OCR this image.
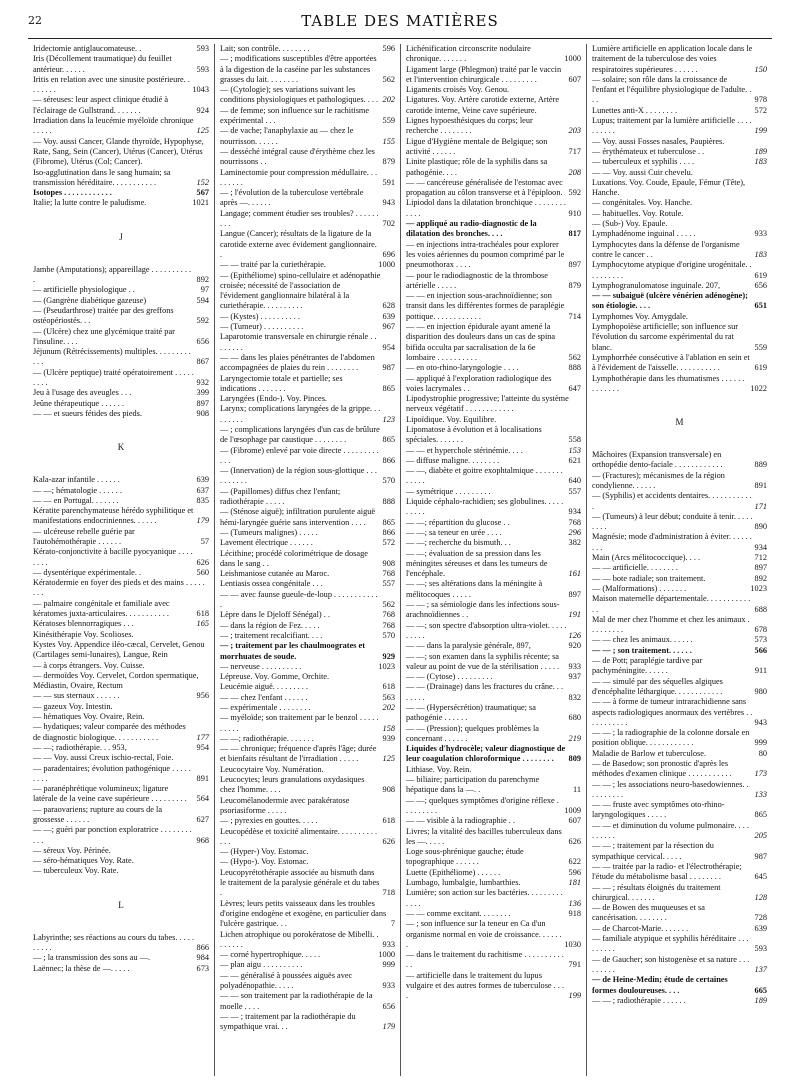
22	TABLE DES MATIÈRES
Iridectomie antiglaucomateuse. .	593
Iris (Décollement traumatique) du feuillet antérieur. . . . . .	593
Iritis en relation avec une sinusite postérieure. . . . . . . .	1043
— séreuses: leur aspect clinique étudié à l'éclairage de Gullstrand. . . . . . .	924
Irradiation dans la leucémie myéloïde chronique . . . . .	125
— Voy. aussi Cancer, Glande thyroïde, Hypophyse, Rate, Sang, Sein (Cancer), Utérus (Cancer), Utérus (Fibrome), Utérus (Col; Cancer).
Iso-agglutination dans le sang humain; sa transmission héréditaire. . . . . . . . . . .	152
Isotopes . . . . . . . . . . . .	567
Italie; la lutte contre le paludisme.	1021
J
Jambe (Amputations); appareillage . . . . . . . . . . .	892
— artificielle physiologique . .	97
— (Gangrène diabétique gazeuse)	594
— (Pseudarthrose) traitée par des greffons ostéopériostés. . .	592
— (Ulcère) chez une glycémique traité par l'insuline. . . .	656
Jéjunum (Rétrécissements) multiples. . . . . . . . . . . .	867
— (Ulcère peptique) traité opératoirement . . . . . . . . .	932
Jeu à l'usage des aveugles . . .	399
Jeûne thérapeutique . . . . . .	897
— — et sueurs fétides des pieds.	908
K
Kala-azar infantile . . . . . .	639
— —; hématologie . . . . . .	637
— — en Portugal. . . . . . .	835
Kératite parenchymateuse hérédo syphilitique et manifestations endocriniennes. . . . . .	179
— ulcéreuse rebelle guérie par l'autohémothérapie . . . . . .	57
Kérato-conjonctivite à bacille pyocyanique . . . . . . . .	626
— dysentérique expérimentale. .	560
Kératodermie en foyer des pieds et des mains . . . . . . . .
— palmaire congénitale et familiale avec kératomes juxta-articulaires. . . . . . . . . . .	618
Kératoses blennorragiques . . .	165
Kinésithérapie Voy. Scolioses.
Kystes Voy. Appendice iléo-cæcal, Cervelet, Genou (Cartilages semi-lunaires), Langue, Rein
— à corps étrangers. Voy. Cuisse.
— dermoïdes Voy. Cervelet, Cordon spermatique, Médiastin, Ovaire, Rectum
— — sus sternaux . . . . . .	956
— gazeux Voy. Intestin.
— hématiques Voy. Ovaire, Rein.
— hydatiques; valeur comparée des méthodes de diagnostic biologique. . . . . . . . . . .	177
— —; radiothérapie. . . 953,	954
— — Voy. aussi Creux ischio-rectal, Foie.
— paradentaires; évolution pathogénique . . . . . . . . .	891
— paranéphrétique volumineux; ligature latérale de la veine cave supérieure . . . . . . . . .	564
— paraovariens; rupture au cours de la grossesse . . . . . .	627
— —; guéri par ponction exploratrice . . . . . . . . . . .	968
— séreux Voy. Périnée.
— séro-hématiques Voy. Rate.
— tuberculeux Voy. Rate.
L
Labyrinthe; ses réactions au cours du tabes. . . . . . . . . .	866
— ; la transmission des sons au —.	984
Laënnec; la thèse de —. . . . .	673
Lait; son contrôle. . . . . . . .	596
— ; modifications susceptibles d'être apportées à la digestion de la caséine par les substances grasses du lait. . . . . . . .	562
— (Cytologie); ses variations suivant les conditions physiologiques et pathologiques. . . . 202
— de femme; son influence sur le rachitisme expérimental . . .	559
— de vache; l'anaphylaxie au — chez le nourrisson. . . . . .	155
— desséché intégral cause d'érythème chez les nourrissons . .	879
Laminectomie pour compression médullaire. . . . . . . . .	591
— ; l'évolution de la tuberculose vertébrale après —. . . . . .	943
Langage; comment étudier ses troubles? . . . . . . . . .	702
Langue (Cancer); résultats de la ligature de la carotide externe avec évidement ganglionnaire. .	696
— — traité par la curiethérapie.	1000
— (Epithéliome) spino-cellulaire et adénopathie croisée; nécessité de l'association de l'évidement ganglionnaire bilatéral à la curiethérapie. . . . . . . . . .	628
— (Kystes) . . . . . . . . . .	639
— (Tumeur) . . . . . . . . . .	967
Laparotomie transversale en chirurgie rénale . . . . . . . .	954
— — dans les plaies pénétrantes de l'abdomen accompagnées de plaies du rein . . . . . . . .	987
Laryngectomie totale et partielle; ses indications . . . . . . .	865
Laryngées (Endo-). Voy. Pinces.
Larynx; complications laryngées de la grippe. . . . . . . . .	123
— ; complications laryngées d'un cas de brûlure de l'œsophage par caustique . . . . . . . .	865
— (Fibrome) enlevé par voie directe . . . . . . . . . . . .	866
— (Innervation) de la région sous-glottique . . . . . . . . . .	570
— (Papillomes) diffus chez l'enfant; radiothérapie . . . . .	888
— (Sténose aiguë); infiltration purulente aiguë hémi-laryngée guérie sans intervention . . . .	865
— (Tumeurs malignes) . . . . .	866
Lavement électrique . . . . . .	572
Lécithine; procédé colorimétrique de dosage dans le sang . .	908
Leishmaniose cutanée au Maroc.	768
Lentiasis ossea congénitale . . .	557
— — avec faunse gueule-de-loup . . . . . . . . . . . .	562
Lèpre dans le Djeloff Sénégal) . .	768
— dans la région de Fez. . . . .	768
— ; traitement recalcifiant. . . .	570
— ; traitement par les chaulmoogrates et morrhuates de soude.	929
— nerveuse . . . . . . . . . .	1023
Lépreuse. Voy. Gomme, Orchite.
Leucémie aiguë. . . . . . . . .	618
— — chez l'enfant . . . . . .	563
— expérimentale . . . . . . . .	202
— myéloïde; son traitement par le benzol . . . . . . . . . .	158
— —; radiothérapie. . . . . . .	939
— — chronique; fréquence d'après l'âge; durée et bienfaits résultant de l'irradiation . . . . .	125
Leucocytaire Voy. Numération.
Leucocytes; leurs granulations oxydasiques chez l'homme. . . .	908
Leucomélanodermie avec parakératose psoriasiforme . . . . .
— ; pyrexies en gouttes. . . . .	618
Leucopédèse et toxicité alimentaire. . . . . . . . . . . . .	626
— (Hyper-) Voy. Estomac.
— (Hypo-). Voy. Estomac.
Leucopyrétothérapie associée au bismuth dans le traitement de la paralysie générale et du tabes .	718
Lèvres; leurs petits vaisseaux dans les troubles d'origine endogène et exogène, en particulier dans l'ulcère gastrique. . .	7
Lichen atrophique ou porokératose de Mibelli. . . . . . . .	933
— corné hypertrophique. . . . .	1000
— plan aigu . . . . . . . . . .	999
— — généralisé à poussées aiguës avec polyadénopathie. . . . .	933
— — son traitement par la radiothérapie de la moelle . . . .	656
— — ; traitement par la radiothérapie du sympathique vrai. . .	179
Lichénification circonscrite nodulaire chronique. . . . . . .	1000
Ligament large (Phlegmon) traité par le vaccin et l'intervention chirurgicale . . . . . . . . .	607
Ligaments croisés Voy. Genou.
Ligatures. Voy. Artère carotide externe, Artère carotide interne, Veine cave supérieure.
Lignes hypoesthésiques du corps; leur recherche . . . . . . . .	203
Ligue d'Hygiène mentale de Belgique; son activité . . . . . .	717
Linite plastique; rôle de la syphilis dans sa pathogénie. . . .	208
— — cancéreuse généralisée de l'estomac avec propagation au côlon transverse et à l'épiploon. 592
Lipiodol dans la dilatation bronchique . . . . . . . . . . . .	910
— appliqué au radio-diagnostic de la dilatation des bronches. . . .	817
— en injections intra-trachéales pour explorer les voies aériennes du poumon comprimé par le pneumothorax . . . .	897
— pour le radiodiagnostic de la thrombose artérielle . . . . .	879
— — en injection sous-arachnoïdienne; son transit dans les différentes formes de paraplégie pottique. . . . . . . . . . . .	714
— — en injection épidurale ayant amené la disparition des douleurs dans un cas de spina bifida occulta par sacralisation de la 6e lombaire . . . . . . . . . .	562
— en oto-rhino-laryngologie . . . .	888
— appliqué à l'exploration radiologique des voies lacrymales . .	647
Lipodystrophie progressive; l'atteinte du système nerveux végétatif . . . . . . . . . . . .
Lipoïdique. Voy. Equilibre.
Lipomatose à évolution et à localisations spéciales. . . . . . .	558
— — et hyperchole stérinémie. . . .	153
— diffuse maligne. . . . . . . .	621
— —, diabète et goitre exophtalmique . . . . . . . . . . . .	640
— symétrique . . . . . . . . .	557
Liquide céphalo-rachidien; ses globulines. . . . . . . . . .	934
— —; répartition du glucose . .	768
— —; sa teneur en urée . . . .	296
— —; recherche du bismuth. . .	382
— —; évaluation de sa pression dans les méningites séreuses et dans les tumeurs de l'encéphale.	161
— —; ses altérations dans la méningite à mélitocoques . . . . .	897
— — ; sa sémiologie dans les infections sous-arachnoïdiennes . .	191
— —; son spectre d'absorption ultra-violet. . . . . . . . . .	126
— — dans la paralysie générale, 897,	920
— —; son examen dans la syphilis récente; sa valeur au point de vue de la stérilisation . . . . .	933
— — (Cytose) . . . . . . . . .	937
— — (Drainage) dans les fractures du crâne. . . . . . . .	832
— — (Hypersécrétion) traumatique; sa pathogénie . . . . . .	680
— — (Pression); quelques problèmes la concernant . . . . . .	219
Liquides d'hydrocèle; valeur diagnostique de leur coagulation chloroformique . . . . . . . .	809
Lithiase. Voy. Rein.
— biliaire; participation du parenchyme hépatique dans la —. .	11
— —; quelques symptômes d'origine réflexe . . . . . . . . .	1009
— — visible à la radiographie . .	607
Livres; la vitalité des bacilles tuberculeux dans les —. . . . .	626
Loge sous-phrénique gauche; étude topographique . . . . . .	622
Luette (Epithéliome) . . . . . .	596
Lumbago, lumbalgie, lumbarthies.	181
Lumière; son action sur les bactéries. . . . . . . . . . . . .	136
— — comme excitant. . . . . . . .	918
— ; son influence sur la teneur en Ca d'un organisme normal en voie de croissance. . . . . . .	1030
— dans le traitement du rachitisme . . . . . . . . . . . .	791
— artificielle dans le traitement du lupus vulgaire et des autres formes de tuberculose . . . .	199
Lumière artificielle en application locale dans le traitement de la tuberculose des voies respiratoires supérieures . . . . . .	150
— solaire; son rôle dans la croissance de l'enfant et l'équilibre physiologique de l'adulte. . . .	978
Lunettes anti-X . . . . . . . .	572
Lupus; traitement par la lumière artificielle . . . . . . . . . .	199
— Voy. aussi Fosses nasales, Paupières.
— érythémateux et tuberculose . .	189
— tuberculeux et syphilis . . . .	183
— — Voy. aussi Cuir chevelu.
Luxations. Voy. Coude, Epaule, Fémur (Tête), Hanche.
— congénitales. Voy. Hanche.
— habituelles. Voy. Rotule.
— (Sub-) Voy. Epaule.
Lymphadénome inguinal . . . . .	933
Lymphocytes dans la défense de l'organisme contre le cancer . .	183
Lymphocytome atypique d'origine urogénitale. . . . . . . . . .	619
Lymphogranulomatose inguinale. 207,	656
— — subaiguë (ulcère vénérien adénogène); son étiologie. . . .	651
Lymphomes Voy. Amygdale.
Lymphopoïèse artificielle; son influence sur l'évolution du sarcome expérimental du rat blanc.	559
Lymphorrhée consécutive à l'ablation en sein et à l'évidement de l'aisselle. . . . . . . . . . .	619
Lymphothérapie dans les rhumatismes . . . . . . . . . . . . .	1022
M
Mâchoires (Expansion transversale) en orthopédie dento-faciale . . . . . . . . . . . .	889
— (Fractures); mécanismes de la région condylienne. . . . . .	891
— (Syphilis) et accidents dentaires. . . . . . . . . . . .	171
— (Tumeurs) à leur début; conduite à tenir. . . . . . . . .	890
Magnésie; mode d'administration à éviter. . . . . . . . .	934
Main (Arcs mélitococcique). . . .	712
— — artificielle. . . . . . . .	897
— — bote radiale; son traitement.	892
— (Malformations) . . . . . . .	1023
Maison maternelle départementale. . . . . . . . . . . . .	688
Mal de mer chez l'homme et chez les animaux . . . . . . . . .	678
— — chez les animaux. . . . . .	573
— — ; son traitement. . . . . .	566
— de Pott; paraplégie tardive par pachyméningite. . . . . .	911
— — simulé par des séquelles algiques d'encéphalite léthargique. . . . . . . . . . . .	980
— — à forme de tumeur intrarachidienne sans aspects radiologiques anormaux des vertèbres . . . . . . . . . . .	943
— — ; la radiographie de la colonne dorsale en position oblique. . . . . . . . . . . .	999
Maladie de Barlow et tuberculose.	80
— de Basedow; son pronostic d'après les méthodes d'examen clinique . . . . . . . . . . .	173
— — ; les associations neuro-basedowiennes. . . . . . . . . .	133
— — fruste avec symptômes oto-rhino-laryngologiques . . . . .	865
— — et diminution du volume pulmonaire. . . . . . . . . .	205
— — ; traitement par la résection du sympathique cervical. . . . .	987
— — traitée par la radio- et l'électrothérapie; l'étude du métabolisme basal . . . . . . . .	645
— — ; résultats éloignés du traitement chirurgical. . . . . . .	128
— de Bowen des muqueuses et sa cancérisation. . . . . . . .	728
— de Charcot-Marie. . . . . . .	639
— familiale atypique et syphilis héréditaire . . . . . . . . .	593
— de Gaucher; son histogenèse et sa nature . . . . . . . . .	137
— de Heine-Medin; étude de certaines formes douloureuses. . . .	665
— — ; radiothérapie . . . . . .	189
